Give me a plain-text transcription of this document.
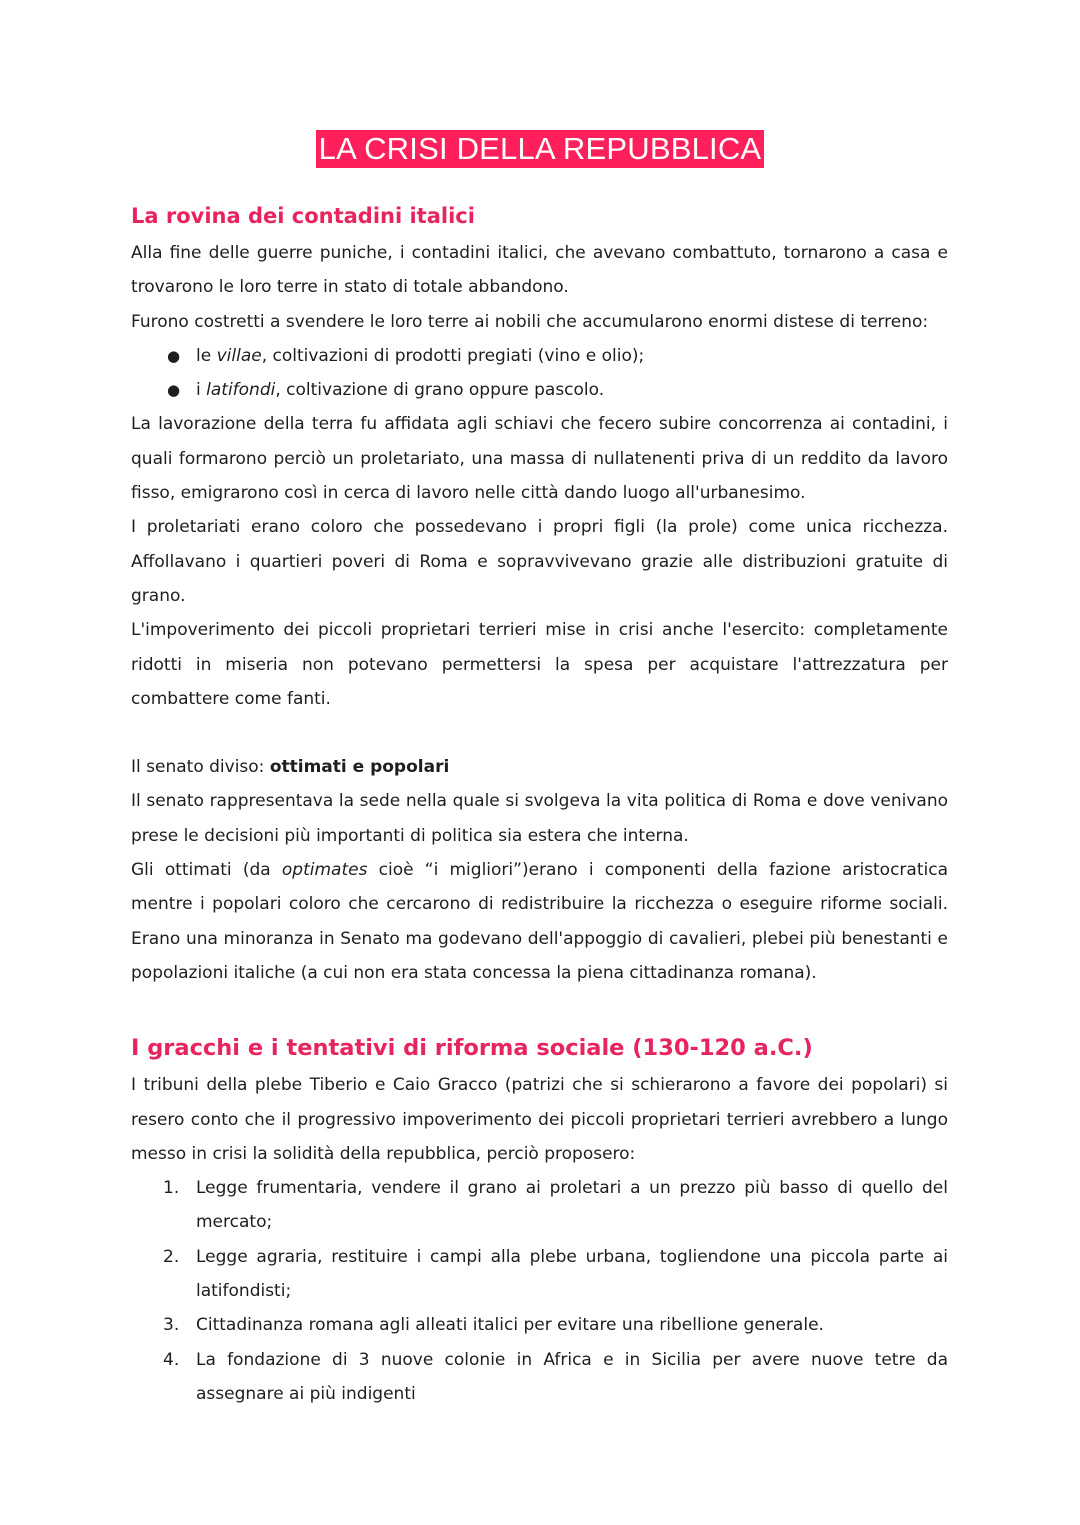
LA CRISI DELLA REPUBBLICA
La rovina dei contadini italici

Alla fine delle guerre puniche, i contadini italici, che avevano combattuto, tornarono a casa e trovarono le loro terre in stato di totale abbandono.

Furono costretti a svendere le loro terre ai nobili che accumularono enormi distese di terreno:

● le villae, coltivazioni di prodotti pregiati (vino e olio);
● i latifondi, coltivazione di grano oppure pascolo.

La lavorazione della terra fu affidata agli schiavi che fecero subire concorrenza ai contadini, i quali formarono perciò un proletariato, una massa di nullatenenti priva di un reddito da lavoro fisso, emigrarono così in cerca di lavoro nelle città dando luogo all'urbanesimo.

I proletariati erano coloro che possedevano i propri figli (la prole) come unica ricchezza. Affollavano i quartieri poveri di Roma e sopravvivevano grazie alle distribuzioni gratuite di grano.

L'impoverimento dei piccoli proprietari terrieri mise in crisi anche l'esercito: completamente ridotti in miseria non potevano permettersi la spesa per acquistare l'attrezzatura per combattere come fanti.

Il senato diviso: ottimati e popolari

Il senato rappresentava la sede nella quale si svolgeva la vita politica di Roma e dove venivano prese le decisioni più importanti di politica sia estera che interna.

Gli ottimati (da optimates cioè “i migliori”)erano i componenti della fazione aristocratica mentre i popolari coloro che cercarono di redistribuire la ricchezza o eseguire riforme sociali. Erano una minoranza in Senato ma godevano dell'appoggio di cavalieri, plebei più benestanti e popolazioni italiche (a cui non era stata concessa la piena cittadinanza romana).

I gracchi e i tentativi di riforma sociale (130-120 a.C.)

I tribuni della plebe Tiberio e Caio Gracco (patrizi che si schierarono a favore dei popolari) si resero conto che il progressivo impoverimento dei piccoli proprietari terrieri avrebbero a lungo messo in crisi la solidità della repubblica, perciò proposero:

1. Legge frumentaria, vendere il grano ai proletari a un prezzo più basso di quello del mercato;
2. Legge agraria, restituire i campi alla plebe urbana, togliendone una piccola parte ai latifondisti;
3. Cittadinanza romana agli alleati italici per evitare una ribellione generale.
4. La fondazione di 3 nuove colonie in Africa e in Sicilia per avere nuove tetre da assegnare ai più indigenti
